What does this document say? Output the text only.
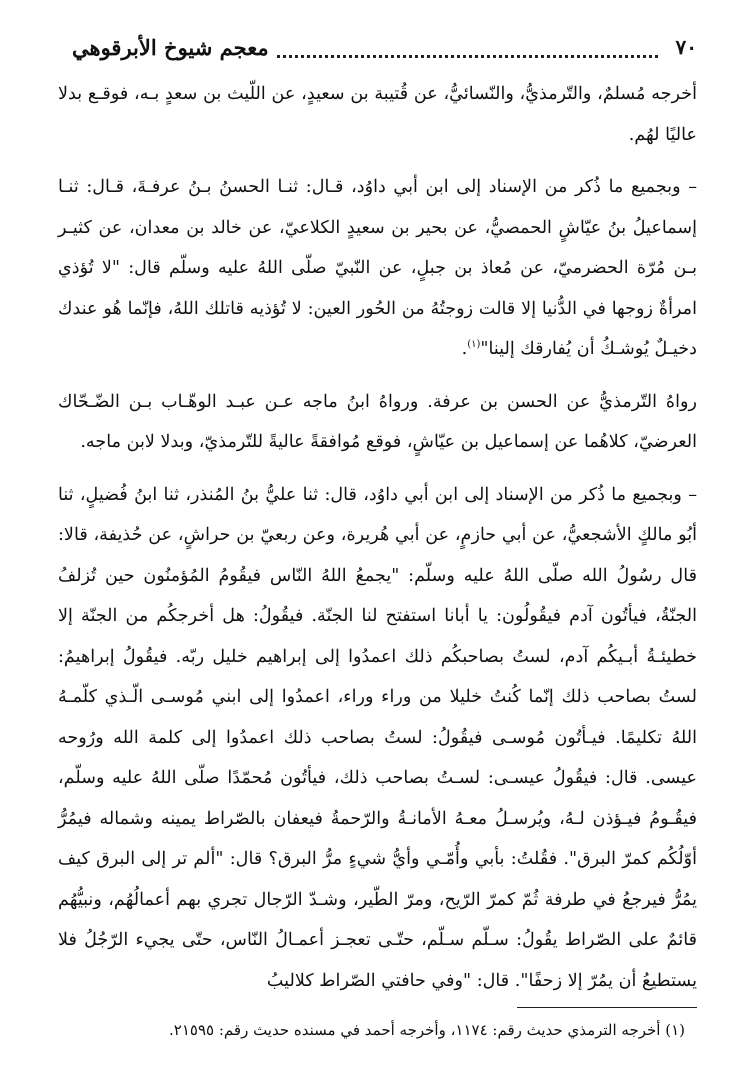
٧٠
معجم شيوخ الأبرقوهي

أخرجه مُسلمٌ، والتّرمذيُّ، والنّسائيُّ، عن قُتيبة بن سعيدٍ، عن اللّيث بن سعدٍ بـه، فوقـع بدلا عاليًا لهُم.

– وبجميع ما ذُكر من الإسناد إلى ابن أبي داوُد، قـال: ثنـا الحسنُ بـنُ عرفـةَ، قـال: ثنـا إسماعيلُ بنُ عيّاشٍ الحمصيُّ، عن بحير بن سعيدٍ الكلاعيّ، عن خالد بن معدان، عن كثيـر بـن مُرّة الحضرميّ، عن مُعاذ بن جبلٍ، عن النّبيّ صلّى اللهُ عليه وسلّم قال: "لا تُؤذي امرأةٌ زوجها في الدُّنيا إلا قالت زوجتُهُ من الحُور العين: لا تُؤذيه قاتلك اللهُ، فإنّما هُو عندك دخيـلٌ يُوشـكُ أن يُفارقك إلينا"$^{(١)}$.

رواهُ التّرمذيُّ عن الحسن بن عرفة. ورواهُ ابنُ ماجه عـن عبـد الوهّـاب بـن الضّـحّاك العرضيّ، كلاهُما عن إسماعيل بن عيّاشٍ، فوقع مُوافقةً عاليةً للتّرمذيّ، وبدلا لابن ماجه.

– وبجميع ما ذُكر من الإسناد إلى ابن أبي داوُد، قال: ثنا عليُّ بنُ المُنذر، ثنا ابنُ فُضيلٍ، ثنا أبُو مالكٍ الأشجعيُّ، عن أبي حازمٍ، عن أبي هُريرة، وعن ربعيّ بن حراشٍ، عن حُذيفة، قالا: قال رسُولُ الله صلّى اللهُ عليه وسلّم: "يجمعُ اللهُ النّاس فيقُومُ المُؤمنُون حين تُزلفُ الجنّةُ، فيأتُون آدم فيقُولُون: يا أبانا استفتح لنا الجنّة. فيقُولُ: هل أخرجكُم من الجنّة إلا خطيئـةُ أبـيكُم آدم، لستُ بصاحبكُم ذلك اعمدُوا إلى إبراهيم خليل ربّه. فيقُولُ إبراهيمُ: لستُ بصاحب ذلك إنّما كُنتُ خليلا من وراء وراء، اعمدُوا إلى ابني مُوسـى الّـذي كلّمـهُ اللهُ تكليمًا. فيـأتُون مُوسـى فيقُولُ: لستُ بصاحب ذلك اعمدُوا إلى كلمة الله ورُوحه عيسى. قال: فيقُولُ عيسـى: لسـتُ بصاحب ذلك، فيأتُون مُحمّدًا صلّى اللهُ عليه وسلّم، فيقُـومُ فيـؤذن لـهُ، ويُرسـلُ معـهُ الأمانـةُ والرّحمةُ فيعفان بالصّراط يمينه وشماله فيمُرُّ أوّلُكُم كمرّ البرق". فقُلتُ: بأبي وأُمّـي وأيُّ شيءٍ مرُّ البرق؟ قال: "ألم تر إلى البرق كيف يمُرُّ فيرجعُ في طرفة ثُمّ كمرّ الرّيح، ومرّ الطّير، وشـدّ الرّجال تجري بهم أعمالُهُم، ونبيُّهُم قائمٌ على الصّراط يقُولُ: سـلّم سـلّم، حتّـى تعجـز أعمـالُ النّاس، حتّى يجيء الرّجُلُ فلا يستطيعُ أن يمُرّ إلا زحفًا". قال: "وفي حافتي الصّراط كلاليبُ

(١) أخرجه الترمذي حديث رقم: ١١٧٤، وأخرجه أحمد في مسنده حديث رقم: ٢١٥٩٥.
